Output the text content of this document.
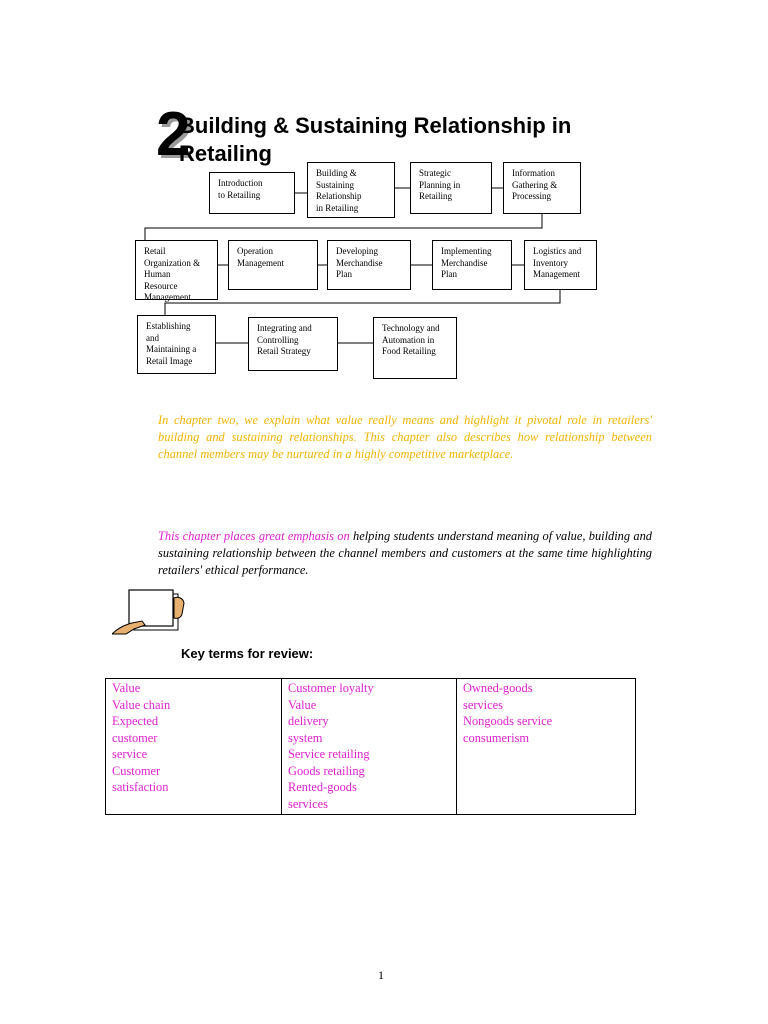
2
Building & Sustaining Relationship in
Retailing
Introduction
to Retailing
Building &
Sustaining
Relationship
in Retailing
Strategic
Planning in
Retailing
Information
Gathering &
Processing
Retail
Organization &
Human
Resource
Management
Operation
Management
Developing
Merchandise
Plan
Implementing
Merchandise
Plan
Logistics and
Inventory
Management
Establishing
and
Maintaining a
Retail Image
Integrating and
Controlling
Retail Strategy
Technology and
Automation in
Food Retailing

In chapter two, we explain what value really means and highlight it pivotal role in retailers' building and sustaining relationships. This chapter also describes how relationship between channel members may be nurtured in a highly competitive marketplace.

This chapter places great emphasis on helping students understand meaning of value, building and sustaining relationship between the channel members and customers at the same time highlighting retailers' ethical performance.

Key terms for review:
Value
Value chain
Expected
customer
service
Customer
satisfaction

Customer loyalty
Value
delivery
system
Service retailing
Goods retailing
Rented-goods
services

Owned-goods
services
Nongoods service
consumerism
1
